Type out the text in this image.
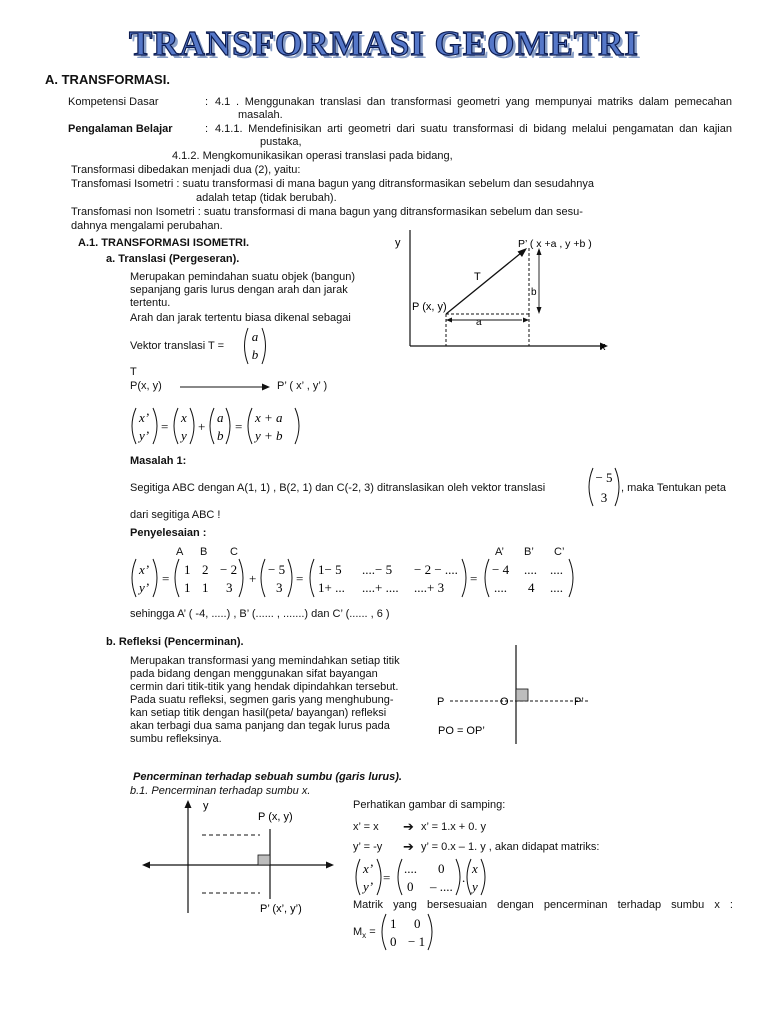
TRANSFORMASI GEOMETRI
A. TRANSFORMASI.
Kompetensi Dasar	: 4.1 . Menggunakan translasi dan transformasi geometri yang mempunyai matriks dalam pemecahan
masalah.
Pengalaman Belajar	: 4.1.1. Mendefinisikan arti geometri dari suatu transformasi di bidang melalui pengamatan dan kajian
pustaka,
4.1.2. Mengkomunikasikan operasi translasi pada bidang,
Transformasi dibedakan menjadi dua (2), yaitu:
Transfomasi Isometri : suatu transformasi di mana bagun yang ditransformasikan sebelum dan sesudahnya
adalah tetap (tidak berubah).
Transfomasi non Isometri : suatu transformasi di mana bagun yang ditransformasikan sebelum dan sesu-
dahnya mengalami perubahan.
A.1. TRANSFORMASI ISOMETRI.
a. Translasi (Pergeseran).
Merupakan pemindahan suatu objek (bangun)
sepanjang garis lurus dengan arah dan jarak
tertentu.
Arah dan jarak tertentu biasa dikenal sebagai
Vektor translasi T =
a
b
T
P(x, y)	P’ ( x’ , y’ )
y
x
a
b
T
P (x, y)
P’ ( x +a , y +b )
x’
y’
=
x
y
+
a
b
=
x + a
y + b
Masalah 1:
Segitiga ABC dengan A(1, 1) , B(2, 1) dan C(-2, 3) ditranslasikan oleh vektor translasi
− 5
3
, maka Tentukan peta
dari segitiga ABC !
Penyelesaian :
A B C	A’ B’ C’
x’
y’
=
1 2 − 2
1 1 3
+
− 5
3
=
1− 5 ....− 5 − 2 − ....
1+ ... ....+ .... ....+ 3
=
− 4 .... ....
.... 4 ....
sehingga A’ ( -4, .....) , B’ (...... , .......) dan C’ (...... , 6 )
b. Refleksi (Pencerminan).
Merupakan transformasi yang memindahkan setiap titik
pada bidang dengan menggunakan sifat bayangan
cermin dari titik-titik yang hendak dipindahkan tersebut.
Pada suatu refleksi, segmen garis yang menghubung-
kan setiap titik dengan hasil(peta/ bayangan) refleksi
akan terbagi dua sama panjang dan tegak lurus pada
sumbu refleksinya.
P	O	P’
PO = OP’
Pencerminan terhadap sebuah sumbu (garis lurus).
b.1. Pencerminan terhadap sumbu x.
y
P (x, y)
P’ (x’, y’)
Perhatikan gambar di samping:
x’ = x ➔ x’ = 1.x + 0. y
y’ = -y ➔ y’ = 0.x – 1. y , akan didapat matriks:
x’
y’
=
.... 0
0 – ....
.
x
y
Matrik yang bersesuaian dengan pencerminan terhadap sumbu x :
$M_x$ =
1 0
0 − 1
